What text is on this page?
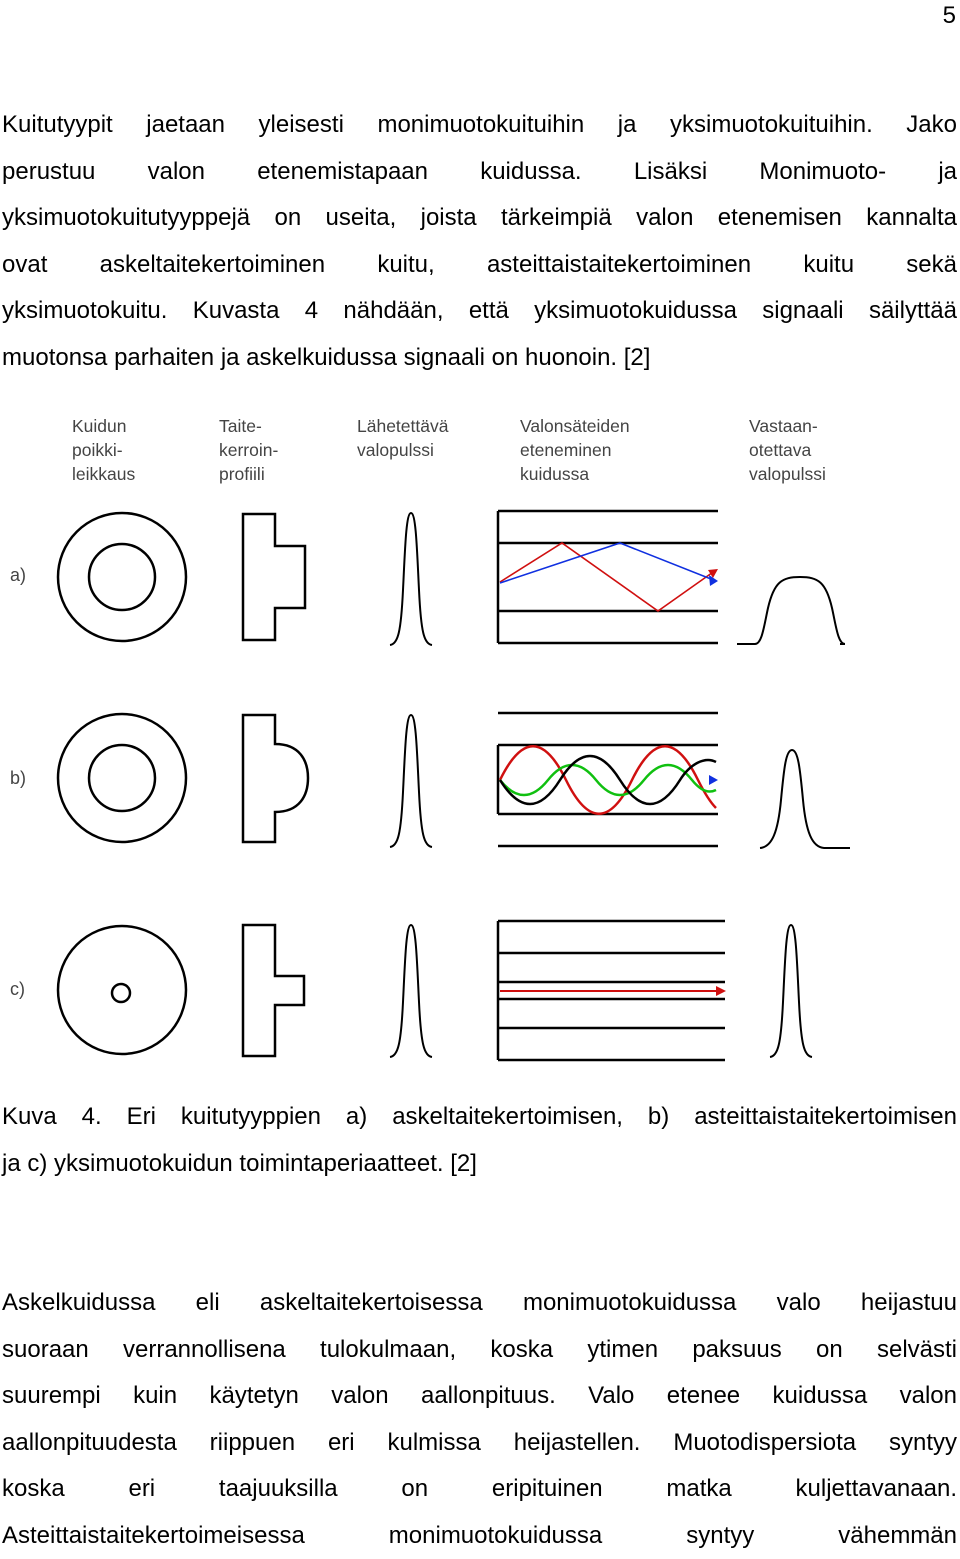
5
Kuitutyypit jaetaan yleisesti monimuotokuituihin ja yksimuotokuituihin. Jako
perustuu valon etenemistapaan kuidussa. Lisäksi Monimuoto- ja
yksimuotokuitutyyppejä on useita, joista tärkeimpiä valon etenemisen kannalta
ovat askeltaitekertoiminen kuitu, asteittaistaitekertoiminen kuitu sekä
yksimuotokuitu. Kuvasta 4 nähdään, että yksimuotokuidussa signaali säilyttää
muotonsa parhaiten ja askelkuidussa signaali on huonoin. [2]
Kuidun poikki- leikkaus
Taite- kerroin- profiili
Lähetettävä valopulssi
Valonsäteiden eteneminen kuidussa
Vastaan- otettava valopulssi
a)
b)
c)
Kuva 4. Eri kuitutyyppien a) askeltaitekertoimisen, b) asteittaistaitekertoimisen
ja c) yksimuotokuidun toimintaperiaatteet. [2]
Askelkuidussa eli askeltaitekertoisessa monimuotokuidussa valo heijastuu
suoraan verrannollisena tulokulmaan, koska ytimen paksuus on selvästi
suurempi kuin käytetyn valon aallonpituus. Valo etenee kuidussa valon
aallonpituudesta riippuen eri kulmissa heijastellen. Muotodispersiota syntyy
koska eri taajuuksilla on eripituinen matka kuljettavanaan.
Asteittaistaitekertoimeisessa monimuotokuidussa syntyy vähemmän
